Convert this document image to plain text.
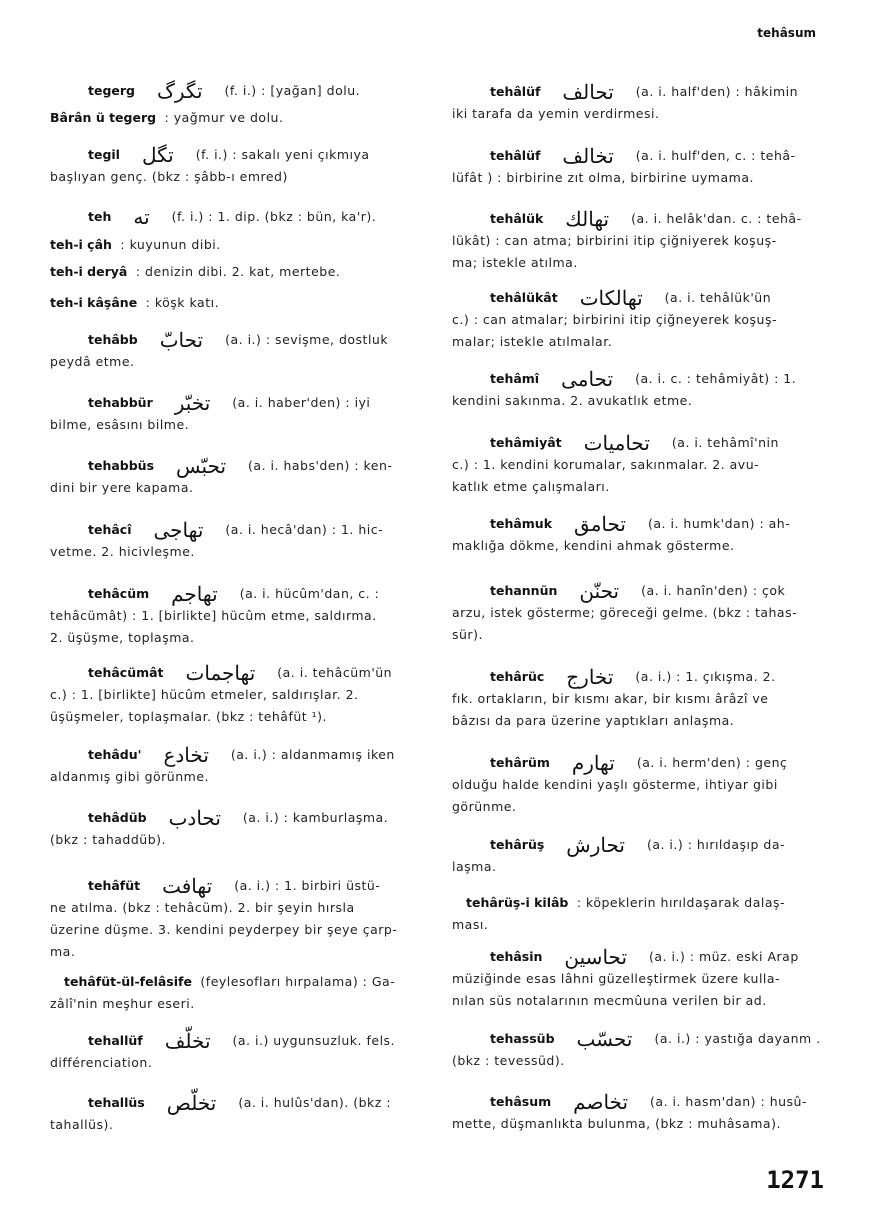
tehâsum

tegerg تگرگ (f. i.) : [yağan] dolu.

Bârân ü tegerg : yağmur ve dolu.

tegil تگل (f. i.) : sakalı yeni çıkmıya

başlıyan genç. (bkz : şâbb-ı emred)

teh ته (f. i.) : 1. dip. (bkz : bün, ka'r).

teh-i çâh : kuyunun dibi.

teh-i deryâ : denizin dibi. 2. kat, mertebe.

teh-i kâşâne : köşk katı.

tehâbb تحابّ (a. i.) : sevişme, dostluk

peydâ etme.

tehabbür تخبّر (a. i. haber'den) : iyi

bilme, esâsını bilme.

tehabbüs تحبّس (a. i. habs'den) : ken-

dini bir yere kapama.

tehâcî تهاجى (a. i. hecâ'dan) : 1. hic-

vetme. 2. hicivleşme.

tehâcüm تهاجم (a. i. hücûm'dan, c. :

tehâcümât) : 1. [birlikte] hücûm etme, saldırma.

2. üşüşme, toplaşma.

tehâcümât تهاجمات (a. i. tehâcüm'ün

c.) : 1. [birlikte] hücûm etmeler, saldırışlar. 2.

üşüşmeler, toplaşmalar. (bkz : tehâfüt ¹).

tehâdu' تخادع (a. i.) : aldanmamış iken

aldanmış gibi görünme.

tehâdüb تحادب (a. i.) : kamburlaşma.

(bkz : tahaddüb).

tehâfüt تهافت (a. i.) : 1. birbiri üstü-

ne atılma. (bkz : tehâcüm). 2. bir şeyin hırsla

üzerine düşme. 3. kendini peyderpey bir şeye çarp-

ma.

tehâfüt-ül-felâsife (feylesofları hırpalama) : Ga-

zâlî'nin meşhur eseri.

tehallüf تخلّف (a. i.) uygunsuzluk. fels.

différenciation.

tehallüs تخلّص (a. i. hulûs'dan). (bkz :

tahallüs).

tehâlüf تحالف (a. i. half'den) : hâkimin

iki tarafa da yemin verdirmesi.

tehâlüf تخالف (a. i. hulf'den, c. : tehâ-

lüfât ) : birbirine zıt olma, birbirine uymama.

tehâlük تهالك (a. i. helâk'dan. c. : tehâ-

lükât) : can atma; birbirini itip çiğniyerek koşuş-

ma; istekle atılma.

tehâlükât تهالكات (a. i. tehâlük'ün

c.) : can atmalar; birbirini itip çiğneyerek koşuş-

malar; istekle atılmalar.

tehâmî تحامى (a. i. c. : tehâmiyât) : 1.

kendini sakınma. 2. avukatlık etme.

tehâmiyât تحاميات (a. i. tehâmî'nin

c.) : 1. kendini korumalar, sakınmalar. 2. avu-

katlık etme çalışmaları.

tehâmuk تحامق (a. i. humk'dan) : ah-

maklığa dökme, kendini ahmak gösterme.

tehannün تحنّن (a. i. hanîn'den) : çok

arzu, istek gösterme; göreceği gelme. (bkz : tahas-

sür).

tehârüc تخارج (a. i.) : 1. çıkışma. 2.

fık. ortakların, bir kısmı akar, bir kısmı ârâzî ve

bâzısı da para üzerine yaptıkları anlaşma.

tehârüm تهارم (a. i. herm'den) : genç

olduğu halde kendini yaşlı gösterme, ihtiyar gibi

görünme.

tehârüş تحارش (a. i.) : hırıldaşıp da-

laşma.

tehârüş-i kilâb : köpeklerin hırıldaşarak dalaş-

ması.

tehâsin تحاسين (a. i.) : müz. eski Arap

müziğinde esas lâhni güzelleştirmek üzere kulla-

nılan süs notalarının mecmûuna verilen bir ad.

tehassüb تحسّب (a. i.) : yastığa dayanm .

(bkz : tevessüd).

tehâsum تخاصم (a. i. hasm'dan) : husû-

mette, düşmanlıkta bulunma, (bkz : muhâsama).

1271
